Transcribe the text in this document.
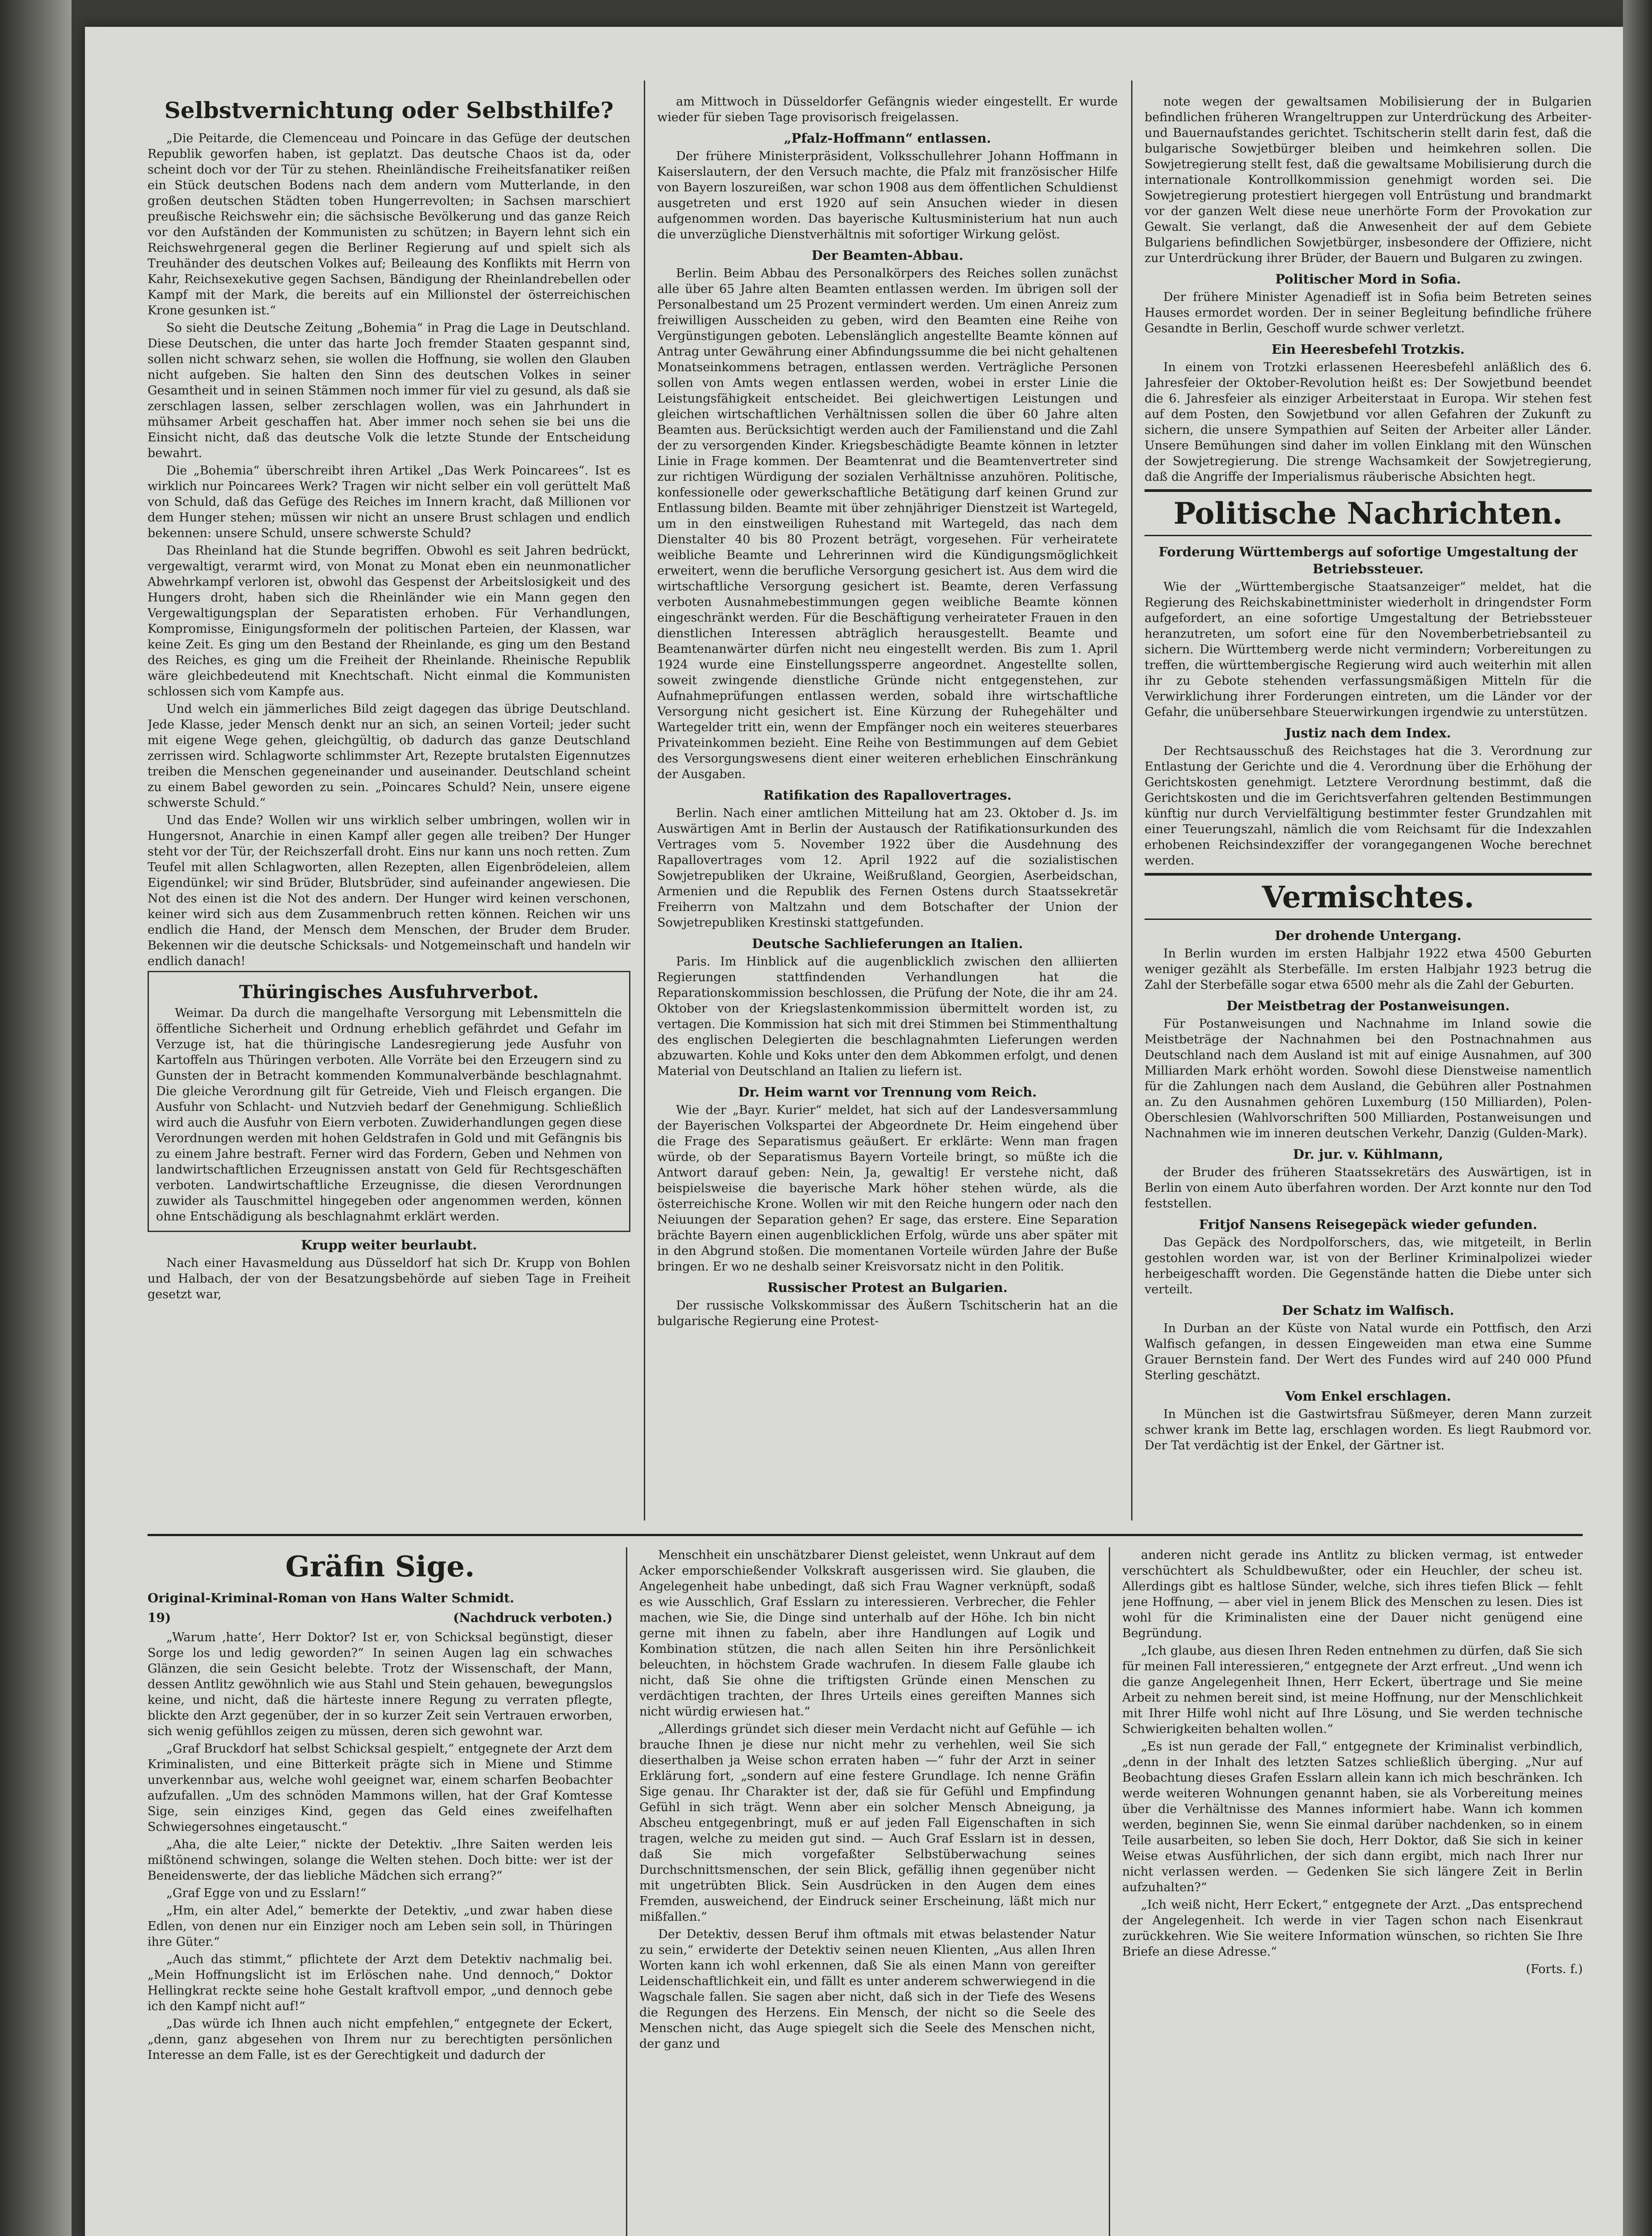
Selbstvernichtung oder Selbsthilfe?

„Die Peitarde, die Clemenceau und Poincare in das Gefüge der deutschen Republik geworfen haben, ist geplatzt. Das deutsche Chaos ist da, oder scheint doch vor der Tür zu stehen. Rheinländische Freiheitsfanatiker reißen ein Stück deutschen Bodens nach dem andern vom Mutterlande, in den großen deutschen Städten toben Hungerrevolten; in Sachsen marschiert preußische Reichswehr ein; die sächsische Bevölkerung und das ganze Reich vor den Aufständen der Kommunisten zu schützen; in Bayern lehnt sich ein Reichswehrgeneral gegen die Berliner Regierung auf und spielt sich als Treuhänder des deutschen Volkes auf; Beileaung des Konflikts mit Herrn von Kahr, Reichsexekutive gegen Sachsen, Bändigung der Rheinlandrebellen oder Kampf mit der Mark, die bereits auf ein Millionstel der österreichischen Krone gesunken ist.“

So sieht die Deutsche Zeitung „Bohemia“ in Prag die Lage in Deutschland. Diese Deutschen, die unter das harte Joch fremder Staaten gespannt sind, sollen nicht schwarz sehen, sie wollen die Hoffnung, sie wollen den Glauben nicht aufgeben. Sie halten den Sinn des deutschen Volkes in seiner Gesamtheit und in seinen Stämmen noch immer für viel zu gesund, als daß sie zerschlagen lassen, selber zerschlagen wollen, was ein Jahrhundert in mühsamer Arbeit geschaffen hat. Aber immer noch sehen sie bei uns die Einsicht nicht, daß das deutsche Volk die letzte Stunde der Entscheidung bewahrt.

Die „Bohemia“ überschreibt ihren Artikel „Das Werk Poincarees“. Ist es wirklich nur Poincarees Werk? Tragen wir nicht selber ein voll gerüttelt Maß von Schuld, daß das Gefüge des Reiches im Innern kracht, daß Millionen vor dem Hunger stehen; müssen wir nicht an unsere Brust schlagen und endlich bekennen: unsere Schuld, unsere schwerste Schuld?

Das Rheinland hat die Stunde begriffen. Obwohl es seit Jahren bedrückt, vergewaltigt, verarmt wird, von Monat zu Monat eben ein neunmonatlicher Abwehrkampf verloren ist, obwohl das Gespenst der Arbeitslosigkeit und des Hungers droht, haben sich die Rheinländer wie ein Mann gegen den Vergewaltigungsplan der Separatisten erhoben. Für Verhandlungen, Kompromisse, Einigungsformeln der politischen Parteien, der Klassen, war keine Zeit. Es ging um den Bestand der Rheinlande, es ging um den Bestand des Reiches, es ging um die Freiheit der Rheinlande. Rheinische Republik wäre gleichbedeutend mit Knechtschaft. Nicht einmal die Kommunisten schlossen sich vom Kampfe aus.

Und welch ein jämmerliches Bild zeigt dagegen das übrige Deutschland. Jede Klasse, jeder Mensch denkt nur an sich, an seinen Vorteil; jeder sucht mit eigene Wege gehen, gleichgültig, ob dadurch das ganze Deutschland zerrissen wird. Schlagworte schlimmster Art, Rezepte brutalsten Eigennutzes treiben die Menschen gegeneinander und auseinander. Deutschland scheint zu einem Babel geworden zu sein. „Poincares Schuld? Nein, unsere eigene schwerste Schuld.“

Und das Ende? Wollen wir uns wirklich selber umbringen, wollen wir in Hungersnot, Anarchie in einen Kampf aller gegen alle treiben? Der Hunger steht vor der Tür, der Reichszerfall droht. Eins nur kann uns noch retten. Zum Teufel mit allen Schlagworten, allen Rezepten, allen Eigenbrödeleien, allem Eigendünkel; wir sind Brüder, Blutsbrüder, sind aufeinander angewiesen. Die Not des einen ist die Not des andern. Der Hunger wird keinen verschonen, keiner wird sich aus dem Zusammenbruch retten können. Reichen wir uns endlich die Hand, der Mensch dem Menschen, der Bruder dem Bruder. Bekennen wir die deutsche Schicksals- und Notgemeinschaft und handeln wir endlich danach!

Thüringisches Ausfuhrverbot.

Weimar. Da durch die mangelhafte Versorgung mit Lebensmitteln die öffentliche Sicherheit und Ordnung erheblich gefährdet und Gefahr im Verzuge ist, hat die thüringische Landesregierung jede Ausfuhr von Kartoffeln aus Thüringen verboten. Alle Vorräte bei den Erzeugern sind zu Gunsten der in Betracht kommenden Kommunalverbände beschlagnahmt. Die gleiche Verordnung gilt für Getreide, Vieh und Fleisch ergangen. Die Ausfuhr von Schlacht- und Nutzvieh bedarf der Genehmigung. Schließlich wird auch die Ausfuhr von Eiern verboten. Zuwiderhandlungen gegen diese Verordnungen werden mit hohen Geldstrafen in Gold und mit Gefängnis bis zu einem Jahre bestraft. Ferner wird das Fordern, Geben und Nehmen von landwirtschaftlichen Erzeugnissen anstatt von Geld für Rechtsgeschäften verboten. Landwirtschaftliche Erzeugnisse, die diesen Verordnungen zuwider als Tauschmittel hingegeben oder angenommen werden, können ohne Entschädigung als beschlagnahmt erklärt werden.

Krupp weiter beurlaubt.

Nach einer Havasmeldung aus Düsseldorf hat sich Dr. Krupp von Bohlen und Halbach, der von der Besatzungsbehörde auf sieben Tage in Freiheit gesetzt war,

am Mittwoch in Düsseldorfer Gefängnis wieder eingestellt. Er wurde wieder für sieben Tage provisorisch freigelassen.

„Pfalz-Hoffmann“ entlassen.

Der frühere Ministerpräsident, Volksschullehrer Johann Hoffmann in Kaiserslautern, der den Versuch machte, die Pfalz mit französischer Hilfe von Bayern loszureißen, war schon 1908 aus dem öffentlichen Schuldienst ausgetreten und erst 1920 auf sein Ansuchen wieder in diesen aufgenommen worden. Das bayerische Kultusministerium hat nun auch die unverzügliche Dienstverhältnis mit sofortiger Wirkung gelöst.

Der Beamten-Abbau.

Berlin. Beim Abbau des Personalkörpers des Reiches sollen zunächst alle über 65 Jahre alten Beamten entlassen werden. Im übrigen soll der Personalbestand um 25 Prozent vermindert werden. Um einen Anreiz zum freiwilligen Ausscheiden zu geben, wird den Beamten eine Reihe von Vergünstigungen geboten. Lebenslänglich angestellte Beamte können auf Antrag unter Gewährung einer Abfindungssumme die bei nicht gehaltenen Monatseinkommens betragen, entlassen werden. Verträgliche Personen sollen von Amts wegen entlassen werden, wobei in erster Linie die Leistungsfähigkeit entscheidet. Bei gleichwertigen Leistungen und gleichen wirtschaftlichen Verhältnissen sollen die über 60 Jahre alten Beamten aus. Berücksichtigt werden auch der Familienstand und die Zahl der zu versorgenden Kinder. Kriegsbeschädigte Beamte können in letzter Linie in Frage kommen. Der Beamtenrat und die Beamtenvertreter sind zur richtigen Würdigung der sozialen Verhältnisse anzuhören. Politische, konfessionelle oder gewerkschaftliche Betätigung darf keinen Grund zur Entlassung bilden. Beamte mit über zehnjähriger Dienstzeit ist Wartegeld, um in den einstweiligen Ruhestand mit Wartegeld, das nach dem Dienstalter 40 bis 80 Prozent beträgt, vorgesehen. Für verheiratete weibliche Beamte und Lehrerinnen wird die Kündigungsmöglichkeit erweitert, wenn die berufliche Versorgung gesichert ist. Aus dem wird die wirtschaftliche Versorgung gesichert ist. Beamte, deren Verfassung verboten Ausnahmebestimmungen gegen weibliche Beamte können eingeschränkt werden. Für die Beschäftigung verheirateter Frauen in den dienstlichen Interessen abträglich herausgestellt. Beamte und Beamtenanwärter dürfen nicht neu eingestellt werden. Bis zum 1. April 1924 wurde eine Einstellungssperre angeordnet. Angestellte sollen, soweit zwingende dienstliche Gründe nicht entgegenstehen, zur Aufnahmeprüfungen entlassen werden, sobald ihre wirtschaftliche Versorgung nicht gesichert ist. Eine Kürzung der Ruhegehälter und Wartegelder tritt ein, wenn der Empfänger noch ein weiteres steuerbares Privateinkommen bezieht. Eine Reihe von Bestimmungen auf dem Gebiet des Versorgungswesens dient einer weiteren erheblichen Einschränkung der Ausgaben.

Ratifikation des Rapallovertrages.

Berlin. Nach einer amtlichen Mitteilung hat am 23. Oktober d. Js. im Auswärtigen Amt in Berlin der Austausch der Ratifikationsurkunden des Vertrages vom 5. November 1922 über die Ausdehnung des Rapallovertrages vom 12. April 1922 auf die sozialistischen Sowjetrepubliken der Ukraine, Weißrußland, Georgien, Aserbeidschan, Armenien und die Republik des Fernen Ostens durch Staatssekretär Freiherrn von Maltzahn und dem Botschafter der Union der Sowjetrepubliken Krestinski stattgefunden.

Deutsche Sachlieferungen an Italien.

Paris. Im Hinblick auf die augenblicklich zwischen den alliierten Regierungen stattfindenden Verhandlungen hat die Reparationskommission beschlossen, die Prüfung der Note, die ihr am 24. Oktober von der Kriegslastenkommission übermittelt worden ist, zu vertagen. Die Kommission hat sich mit drei Stimmen bei Stimmenthaltung des englischen Delegierten die beschlagnahmten Lieferungen werden abzuwarten. Kohle und Koks unter den dem Abkommen erfolgt, und denen Material von Deutschland an Italien zu liefern ist.

Dr. Heim warnt vor Trennung vom Reich.

Wie der „Bayr. Kurier“ meldet, hat sich auf der Landesversammlung der Bayerischen Volkspartei der Abgeordnete Dr. Heim eingehend über die Frage des Separatismus geäußert. Er erklärte: Wenn man fragen würde, ob der Separatismus Bayern Vorteile bringt, so müßte ich die Antwort darauf geben: Nein, Ja, gewaltig! Er verstehe nicht, daß beispielsweise die bayerische Mark höher stehen würde, als die österreichische Krone. Wollen wir mit den Reiche hungern oder nach den Neiuungen der Separation gehen? Er sage, das erstere. Eine Separation brächte Bayern einen augenblicklichen Erfolg, würde uns aber später mit in den Abgrund stoßen. Die momentanen Vorteile würden Jahre der Buße bringen. Er wo ne deshalb seiner Kreisvorsatz nicht in den Politik.

Russischer Protest an Bulgarien.

Der russische Volkskommissar des Äußern Tschitscherin hat an die bulgarische Regierung eine Protest-

note wegen der gewaltsamen Mobilisierung der in Bulgarien befindlichen früheren Wrangeltruppen zur Unterdrückung des Arbeiter- und Bauernaufstandes gerichtet. Tschitscherin stellt darin fest, daß die bulgarische Sowjetbürger bleiben und heimkehren sollen. Die Sowjetregierung stellt fest, daß die gewaltsame Mobilisierung durch die internationale Kontrollkommission genehmigt worden sei. Die Sowjetregierung protestiert hiergegen voll Entrüstung und brandmarkt vor der ganzen Welt diese neue unerhörte Form der Provokation zur Gewalt. Sie verlangt, daß die Anwesenheit der auf dem Gebiete Bulgariens befindlichen Sowjetbürger, insbesondere der Offiziere, nicht zur Unterdrückung ihrer Brüder, der Bauern und Bulgaren zu zwingen.

Politischer Mord in Sofia.

Der frühere Minister Agenadieff ist in Sofia beim Betreten seines Hauses ermordet worden. Der in seiner Begleitung befindliche frühere Gesandte in Berlin, Geschoff wurde schwer verletzt.

Ein Heeresbefehl Trotzkis.

In einem von Trotzki erlassenen Heeresbefehl anläßlich des 6. Jahresfeier der Oktober-Revolution heißt es: Der Sowjetbund beendet die 6. Jahresfeier als einziger Arbeiterstaat in Europa. Wir stehen fest auf dem Posten, den Sowjetbund vor allen Gefahren der Zukunft zu sichern, die unsere Sympathien auf Seiten der Arbeiter aller Länder. Unsere Bemühungen sind daher im vollen Einklang mit den Wünschen der Sowjetregierung. Die strenge Wachsamkeit der Sowjetregierung, daß die Angriffe der Imperialismus räuberische Absichten hegt.

Politische Nachrichten.
Forderung Württembergs auf sofortige Umgestaltung der Betriebssteuer.

Wie der „Württembergische Staatsanzeiger“ meldet, hat die Regierung des Reichskabinettminister wiederholt in dringendster Form aufgefordert, an eine sofortige Umgestaltung der Betriebssteuer heranzutreten, um sofort eine für den Novemberbetriebsanteil zu sichern. Die Württemberg werde nicht vermindern; Vorbereitungen zu treffen, die württembergische Regierung wird auch weiterhin mit allen ihr zu Gebote stehenden verfassungsmäßigen Mitteln für die Verwirklichung ihrer Forderungen eintreten, um die Länder vor der Gefahr, die unübersehbare Steuerwirkungen irgendwie zu unterstützen.

Justiz nach dem Index.

Der Rechtsausschuß des Reichstages hat die 3. Verordnung zur Entlastung der Gerichte und die 4. Verordnung über die Erhöhung der Gerichtskosten genehmigt. Letztere Verordnung bestimmt, daß die Gerichtskosten und die im Gerichtsverfahren geltenden Bestimmungen künftig nur durch Vervielfältigung bestimmter fester Grundzahlen mit einer Teuerungszahl, nämlich die vom Reichsamt für die Indexzahlen erhobenen Reichsindexziffer der vorangegangenen Woche berechnet werden.

Vermischtes.
Der drohende Untergang.

In Berlin wurden im ersten Halbjahr 1922 etwa 4500 Geburten weniger gezählt als Sterbefälle. Im ersten Halbjahr 1923 betrug die Zahl der Sterbefälle sogar etwa 6500 mehr als die Zahl der Geburten.

Der Meistbetrag der Postanweisungen.

Für Postanweisungen und Nachnahme im Inland sowie die Meistbeträge der Nachnahmen bei den Postnachnahmen aus Deutschland nach dem Ausland ist mit auf einige Ausnahmen, auf 300 Milliarden Mark erhöht worden. Sowohl diese Dienstweise namentlich für die Zahlungen nach dem Ausland, die Gebühren aller Postnahmen an. Zu den Ausnahmen gehören Luxemburg (150 Milliarden), Polen-Oberschlesien (Wahlvorschriften 500 Milliarden, Postanweisungen und Nachnahmen wie im inneren deutschen Verkehr, Danzig (Gulden-Mark).

Dr. jur. v. Kühlmann,

der Bruder des früheren Staatssekretärs des Auswärtigen, ist in Berlin von einem Auto überfahren worden. Der Arzt konnte nur den Tod feststellen.

Fritjof Nansens Reisegepäck wieder gefunden.

Das Gepäck des Nordpolforschers, das, wie mitgeteilt, in Berlin gestohlen worden war, ist von der Berliner Kriminalpolizei wieder herbeigeschafft worden. Die Gegenstände hatten die Diebe unter sich verteilt.

Der Schatz im Walfisch.

In Durban an der Küste von Natal wurde ein Pottfisch, den Arzi Walfisch gefangen, in dessen Eingeweiden man etwa eine Summe Grauer Bernstein fand. Der Wert des Fundes wird auf 240 000 Pfund Sterling geschätzt.

Vom Enkel erschlagen.

In München ist die Gastwirtsfrau Süßmeyer, deren Mann zurzeit schwer krank im Bette lag, erschlagen worden. Es liegt Raubmord vor. Der Tat verdächtig ist der Enkel, der Gärtner ist.

Gräfin Sige.
Original-Kriminal-Roman von Hans Walter Schmidt.
19)	(Nachdruck verboten.)

„Warum ‚hatte‘, Herr Doktor? Ist er, von Schicksal begünstigt, dieser Sorge los und ledig geworden?“ In seinen Augen lag ein schwaches Glänzen, die sein Gesicht belebte. Trotz der Wissenschaft, der Mann, dessen Antlitz gewöhnlich wie aus Stahl und Stein gehauen, bewegungslos keine, und nicht, daß die härteste innere Regung zu verraten pflegte, blickte den Arzt gegenüber, der in so kurzer Zeit sein Vertrauen erworben, sich wenig gefühllos zeigen zu müssen, deren sich gewohnt war.

„Graf Bruckdorf hat selbst Schicksal gespielt,“ entgegnete der Arzt dem Kriminalisten, und eine Bitterkeit prägte sich in Miene und Stimme unverkennbar aus, welche wohl geeignet war, einem scharfen Beobachter aufzufallen. „Um des schnöden Mammons willen, hat der Graf Komtesse Sige, sein einziges Kind, gegen das Geld eines zweifelhaften Schwiegersohnes eingetauscht.“

„Aha, die alte Leier,“ nickte der Detektiv. „Ihre Saiten werden leis mißtönend schwingen, solange die Welten stehen. Doch bitte: wer ist der Beneidenswerte, der das liebliche Mädchen sich errang?“

„Graf Egge von und zu Esslarn!“

„Hm, ein alter Adel,“ bemerkte der Detektiv, „und zwar haben diese Edlen, von denen nur ein Einziger noch am Leben sein soll, in Thüringen ihre Güter.“

„Auch das stimmt,“ pflichtete der Arzt dem Detektiv nachmalig bei. „Mein Hoffnungslicht ist im Erlöschen nahe. Und dennoch,“ Doktor Hellingkrat reckte seine hohe Gestalt kraftvoll empor, „und dennoch gebe ich den Kampf nicht auf!“

„Das würde ich Ihnen auch nicht empfehlen,“ entgegnete der Eckert, „denn, ganz abgesehen von Ihrem nur zu berechtigten persönlichen Interesse an dem Falle, ist es der Gerechtigkeit und dadurch der

Menschheit ein unschätzbarer Dienst geleistet, wenn Unkraut auf dem Acker emporschießender Volkskraft ausgerissen wird. Sie glauben, die Angelegenheit habe unbedingt, daß sich Frau Wagner verknüpft, sodaß es wie Ausschlich, Graf Esslarn zu interessieren. Verbrecher, die Fehler machen, wie Sie, die Dinge sind unterhalb auf der Höhe. Ich bin nicht gerne mit ihnen zu fabeln, aber ihre Handlungen auf Logik und Kombination stützen, die nach allen Seiten hin ihre Persönlichkeit beleuchten, in höchstem Grade wachrufen. In diesem Falle glaube ich nicht, daß Sie ohne die triftigsten Gründe einen Menschen zu verdächtigen trachten, der Ihres Urteils eines gereiften Mannes sich nicht würdig erwiesen hat.“

„Allerdings gründet sich dieser mein Verdacht nicht auf Gefühle — ich brauche Ihnen je diese nur nicht mehr zu verhehlen, weil Sie sich dieserthalben ja Weise schon erraten haben —“ fuhr der Arzt in seiner Erklärung fort, „sondern auf eine festere Grundlage. Ich nenne Gräfin Sige genau. Ihr Charakter ist der, daß sie für Gefühl und Empfindung Gefühl in sich trägt. Wenn aber ein solcher Mensch Abneigung, ja Abscheu entgegenbringt, muß er auf jeden Fall Eigenschaften in sich tragen, welche zu meiden gut sind. — Auch Graf Esslarn ist in dessen, daß Sie mich vorgefaßter Selbstüberwachung seines Durchschnittsmenschen, der sein Blick, gefällig ihnen gegenüber nicht mit ungetrübten Blick. Sein Ausdrücken in den Augen dem eines Fremden, ausweichend, der Eindruck seiner Erscheinung, läßt mich nur mißfallen.“

Der Detektiv, dessen Beruf ihm oftmals mit etwas belastender Natur zu sein,“ erwiderte der Detektiv seinen neuen Klienten, „Aus allen Ihren Worten kann ich wohl erkennen, daß Sie als einen Mann von gereifter Leidenschaftlichkeit ein, und fällt es unter anderem schwerwiegend in die Wagschale fallen. Sie sagen aber nicht, daß sich in der Tiefe des Wesens die Regungen des Herzens. Ein Mensch, der nicht so die Seele des Menschen nicht, das Auge spiegelt sich die Seele des Menschen nicht, der ganz und

anderen nicht gerade ins Antlitz zu blicken vermag, ist entweder verschüchtert als Schuldbewußter, oder ein Heuchler, der scheu ist. Allerdings gibt es haltlose Sünder, welche, sich ihres tiefen Blick — fehlt jene Hoffnung, — aber viel in jenem Blick des Menschen zu lesen. Dies ist wohl für die Kriminalisten eine der Dauer nicht genügend eine Begründung.

„Ich glaube, aus diesen Ihren Reden entnehmen zu dürfen, daß Sie sich für meinen Fall interessieren,“ entgegnete der Arzt erfreut. „Und wenn ich die ganze Angelegenheit Ihnen, Herr Eckert, übertrage und Sie meine Arbeit zu nehmen bereit sind, ist meine Hoffnung, nur der Menschlichkeit mit Ihrer Hilfe wohl nicht auf Ihre Lösung, und Sie werden technische Schwierigkeiten behalten wollen.“

„Es ist nun gerade der Fall,“ entgegnete der Kriminalist verbindlich, „denn in der Inhalt des letzten Satzes schließlich überging. „Nur auf Beobachtung dieses Grafen Esslarn allein kann ich mich beschränken. Ich werde weiteren Wohnungen genannt haben, sie als Vorbereitung meines über die Verhältnisse des Mannes informiert habe. Wann ich kommen werden, beginnen Sie, wenn Sie einmal darüber nachdenken, so in einem Teile ausarbeiten, so leben Sie doch, Herr Doktor, daß Sie sich in keiner Weise etwas Ausführlichen, der sich dann ergibt, mich nach Ihrer nur nicht verlassen werden. — Gedenken Sie sich längere Zeit in Berlin aufzuhalten?“

„Ich weiß nicht, Herr Eckert,“ entgegnete der Arzt. „Das entsprechend der Angelegenheit. Ich werde in vier Tagen schon nach Eisenkraut zurückkehren. Wie Sie weitere Information wünschen, so richten Sie Ihre Briefe an diese Adresse.“

(Forts. f.)
